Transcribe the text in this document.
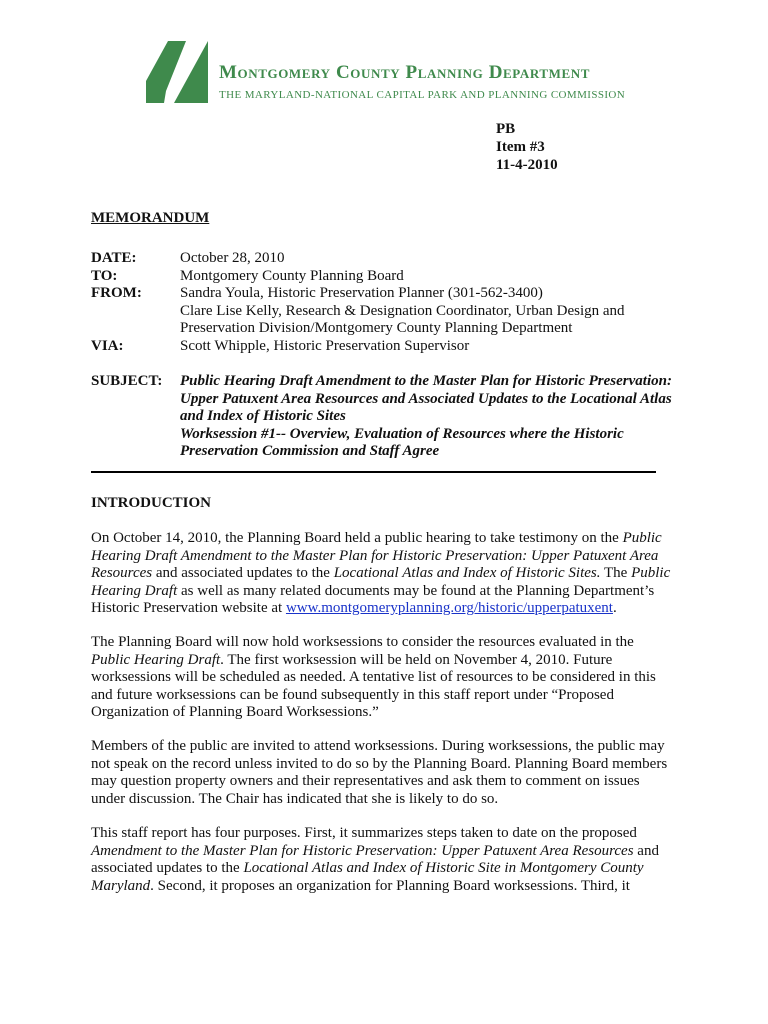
Montgomery County Planning Department

THE MARYLAND-NATIONAL CAPITAL PARK AND PLANNING COMMISSION

PB
Item #3
11-4-2010
MEMORANDUM
DATE:	October 28, 2010
TO:	Montgomery County Planning Board
FROM:	Sandra Youla, Historic Preservation Planner (301-562-3400)
Clare Lise Kelly, Research & Designation Coordinator, Urban Design and
Preservation Division/Montgomery County Planning Department
VIA:	Scott Whipple, Historic Preservation Supervisor
SUBJECT:	Public Hearing Draft Amendment to the Master Plan for Historic Preservation:
Upper Patuxent Area Resources and Associated Updates to the Locational Atlas
and Index of Historic Sites
Worksession #1-- Overview, Evaluation of Resources where the Historic
Preservation Commission and Staff Agree
INTRODUCTION

On October 14, 2010, the Planning Board held a public hearing to take testimony on the Public
Hearing Draft Amendment to the Master Plan for Historic Preservation: Upper Patuxent Area
Resources and associated updates to the Locational Atlas and Index of Historic Sites. The Public
Hearing Draft as well as many related documents may be found at the Planning Department’s
Historic Preservation website at www.montgomeryplanning.org/historic/upperpatuxent.

The Planning Board will now hold worksessions to consider the resources evaluated in the
Public Hearing Draft. The first worksession will be held on November 4, 2010. Future
worksessions will be scheduled as needed. A tentative list of resources to be considered in this
and future worksessions can be found subsequently in this staff report under “Proposed
Organization of Planning Board Worksessions.”

Members of the public are invited to attend worksessions. During worksessions, the public may
not speak on the record unless invited to do so by the Planning Board. Planning Board members
may question property owners and their representatives and ask them to comment on issues
under discussion. The Chair has indicated that she is likely to do so.

This staff report has four purposes. First, it summarizes steps taken to date on the proposed
Amendment to the Master Plan for Historic Preservation: Upper Patuxent Area Resources and
associated updates to the Locational Atlas and Index of Historic Site in Montgomery County
Maryland. Second, it proposes an organization for Planning Board worksessions. Third, it
